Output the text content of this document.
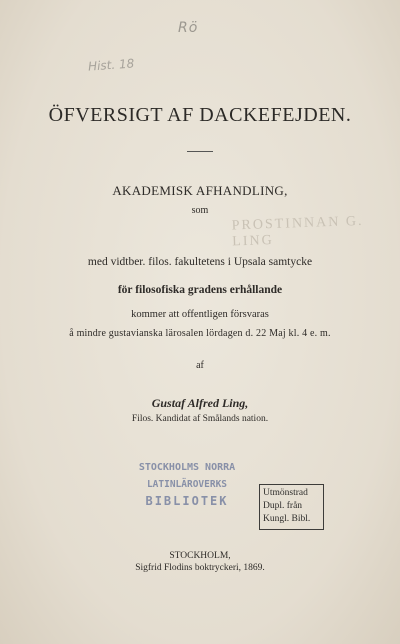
Rö
Hist. 18
ÖFVERSIGT AF DACKEFEJDEN.
AKADEMISK AFHANDLING,
som
PROSTINNAN G. LING
med vidtber. filos. fakultetens i Upsala samtycke
för filosofiska gradens erhållande
kommer att offentligen försvaras
å mindre gustavianska lärosalen lördagen d. 22 Maj kl. 4 e. m.
af
Gustaf Alfred Ling,
Filos. Kandidat af Smålands nation.
STOCKHOLMS NORRA
LATINLÄROVERKS
BIBLIOTEK
Utmönstrad
Dupl. från
Kungl. Bibl.
STOCKHOLM,
Sigfrid Flodins boktryckeri, 1869.
